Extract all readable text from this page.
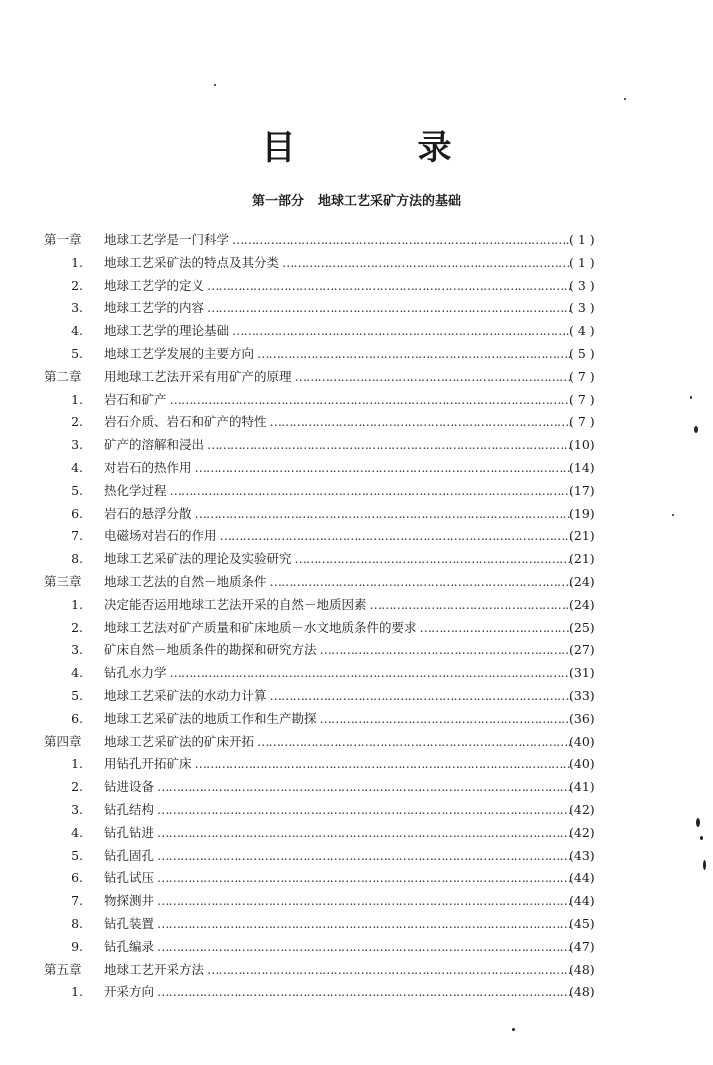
目　录
第一部分 地球工艺采矿方法的基础
第一章 地球工艺学是一门科学 ………………………………………………………………………………………………………………………………………………………………………………	( 1 )
1. 地球工艺采矿法的特点及其分类 ………………………………………………………………………………………………………………………………………………………………………………	( 1 )
2. 地球工艺学的定义 ………………………………………………………………………………………………………………………………………………………………………………	( 3 )
3. 地球工艺学的内容 ………………………………………………………………………………………………………………………………………………………………………………	( 3 )
4. 地球工艺学的理论基础 ………………………………………………………………………………………………………………………………………………………………………………	( 4 )
5. 地球工艺学发展的主要方向 ………………………………………………………………………………………………………………………………………………………………………………	( 5 )
第二章 用地球工艺法开采有用矿产的原理 ………………………………………………………………………………………………………………………………………………………………………………	( 7 )
1. 岩石和矿产 ………………………………………………………………………………………………………………………………………………………………………………	( 7 )
2. 岩石介质、岩石和矿产的特性 ………………………………………………………………………………………………………………………………………………………………………………	( 7 )
3. 矿产的溶解和浸出 ………………………………………………………………………………………………………………………………………………………………………………	(10)
4. 对岩石的热作用 ………………………………………………………………………………………………………………………………………………………………………………	(14)
5. 热化学过程 ………………………………………………………………………………………………………………………………………………………………………………	(17)
6. 岩石的悬浮分散 ………………………………………………………………………………………………………………………………………………………………………………	(19)
7. 电磁场对岩石的作用 ………………………………………………………………………………………………………………………………………………………………………………	(21)
8. 地球工艺采矿法的理论及实验研究 ………………………………………………………………………………………………………………………………………………………………………………	(21)
第三章 地球工艺法的自然－地质条件 ………………………………………………………………………………………………………………………………………………………………………………	(24)
1. 决定能否运用地球工艺法开采的自然－地质因素 ………………………………………………………………………………………………………………………………………………………………………………	(24)
2. 地球工艺法对矿产质量和矿床地质－水文地质条件的要求 ………………………………………………………………………………………………………………………………………………………………………………	(25)
3. 矿床自然－地质条件的勘探和研究方法 ………………………………………………………………………………………………………………………………………………………………………………	(27)
4. 钻孔水力学 ………………………………………………………………………………………………………………………………………………………………………………	(31)
5. 地球工艺采矿法的水动力计算 ………………………………………………………………………………………………………………………………………………………………………………	(33)
6. 地球工艺采矿法的地质工作和生产勘探 ………………………………………………………………………………………………………………………………………………………………………………	(36)
第四章 地球工艺采矿法的矿床开拓 ………………………………………………………………………………………………………………………………………………………………………………	(40)
1. 用钻孔开拓矿床 ………………………………………………………………………………………………………………………………………………………………………………	(40)
2. 钻进设备 ………………………………………………………………………………………………………………………………………………………………………………	(41)
3. 钻孔结构 ………………………………………………………………………………………………………………………………………………………………………………	(42)
4. 钻孔钻进 ………………………………………………………………………………………………………………………………………………………………………………	(42)
5. 钻孔固孔 ………………………………………………………………………………………………………………………………………………………………………………	(43)
6. 钻孔试压 ………………………………………………………………………………………………………………………………………………………………………………	(44)
7. 物探测井 ………………………………………………………………………………………………………………………………………………………………………………	(44)
8. 钻孔装置 ………………………………………………………………………………………………………………………………………………………………………………	(45)
9. 钻孔编录 ………………………………………………………………………………………………………………………………………………………………………………	(47)
第五章 地球工艺开采方法 ………………………………………………………………………………………………………………………………………………………………………………	(48)
1. 开采方向 ………………………………………………………………………………………………………………………………………………………………………………	(48)
